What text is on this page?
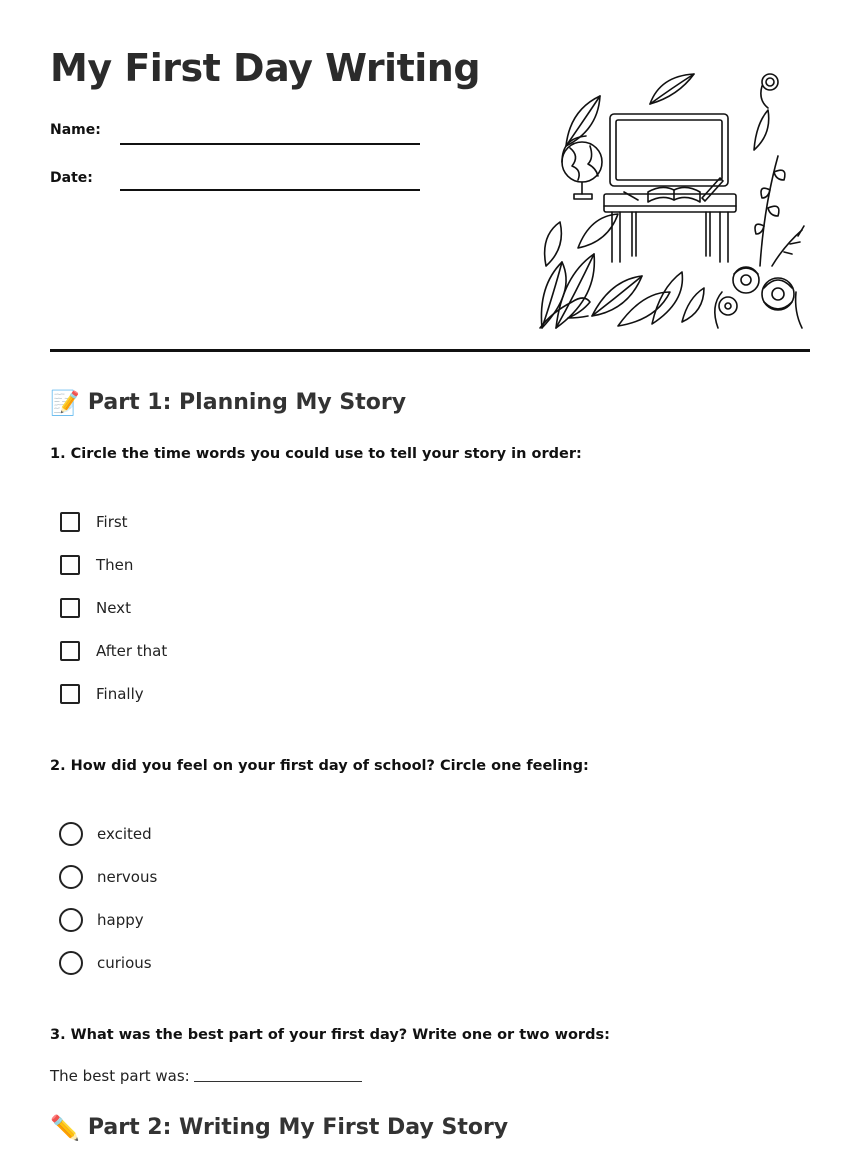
My First Day Writing
Name:
Date:
📝 Part 1: Planning My Story
1. Circle the time words you could use to tell your story in order:
First
Then
Next
After that
Finally
2. How did you feel on your first day of school? Circle one feeling:
excited
nervous
happy
curious
3. What was the best part of your first day? Write one or two words:
The best part was:
✏️ Part 2: Writing My First Day Story
